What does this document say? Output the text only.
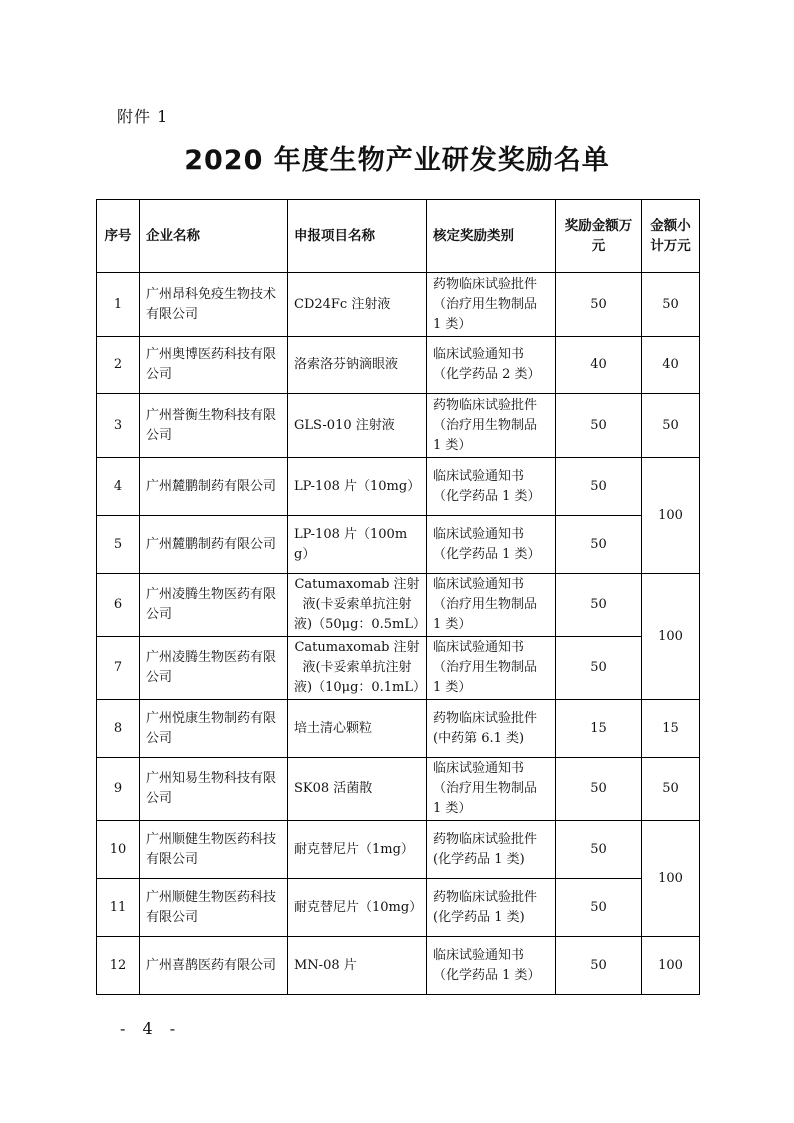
附件 1
2020 年度生物产业研发奖励名单
序号	企业名称	申报项目名称	核定奖励类别	奖励金额万元	金额小计万元
1	广州昂科免疫生物技术有限公司	CD24Fc 注射液	药物临床试验批件（治疗用生物制品 1 类）	50	50
2	广州奥博医药科技有限公司	洛索洛芬钠滴眼液	临床试验通知书（化学药品 2 类）	40	40
3	广州誉衡生物科技有限公司	GLS-010 注射液	药物临床试验批件（治疗用生物制品 1 类）	50	50
4	广州麓鹏制药有限公司	LP-108 片（10mg）	临床试验通知书（化学药品 1 类）	50	100
5	广州麓鹏制药有限公司	LP-108 片（100mg）	临床试验通知书（化学药品 1 类）	50	
6	广州凌腾生物医药有限公司	Catumaxomab 注射液(卡妥索单抗注射液)（50μg：0.5mL）	临床试验通知书（治疗用生物制品 1 类）	50	100
7	广州凌腾生物医药有限公司	Catumaxomab 注射液(卡妥索单抗注射液)（10μg：0.1mL）	临床试验通知书（治疗用生物制品 1 类）	50	
8	广州悦康生物制药有限公司	培土清心颗粒	药物临床试验批件(中药第 6.1 类)	15	15
9	广州知易生物科技有限公司	SK08 活菌散	临床试验通知书（治疗用生物制品 1 类）	50	50
10	广州顺健生物医药科技有限公司	耐克替尼片（1mg）	药物临床试验批件(化学药品 1 类)	50	100
11	广州顺健生物医药科技有限公司	耐克替尼片（10mg）	药物临床试验批件(化学药品 1 类)	50	
12	广州喜鹊医药有限公司	MN-08 片	临床试验通知书（化学药品 1 类）	50	100
- 4 -
